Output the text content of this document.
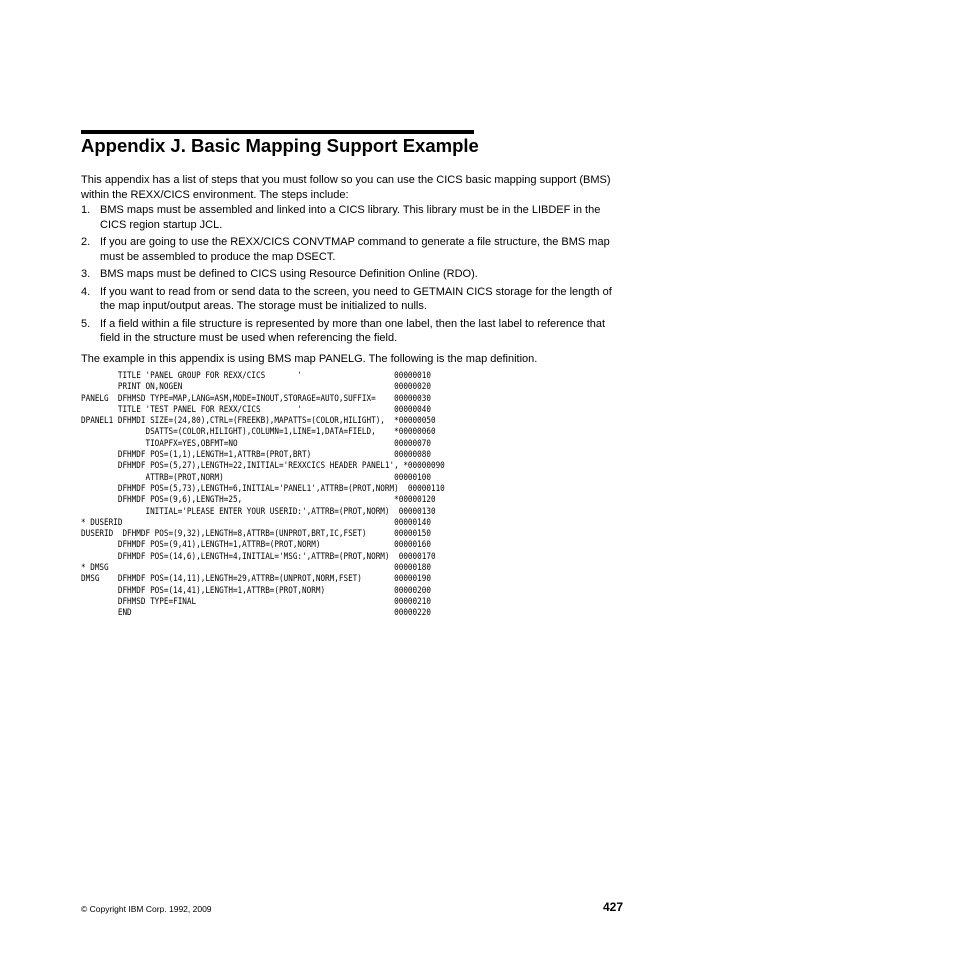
Appendix J. Basic Mapping Support Example

This appendix has a list of steps that you must follow so you can use the CICS basic mapping support (BMS) within the REXX/CICS environment. The steps include:

1. BMS maps must be assembled and linked into a CICS library. This library must be in the LIBDEF in the CICS region startup JCL.
2. If you are going to use the REXX/CICS CONVTMAP command to generate a file structure, the BMS map must be assembled to produce the map DSECT.
3. BMS maps must be defined to CICS using Resource Definition Online (RDO).
4. If you want to read from or send data to the screen, you need to GETMAIN CICS storage for the length of the map input/output areas. The storage must be initialized to nulls.
5. If a field within a file structure is represented by more than one label, then the last label to reference that field in the structure must be used when referencing the field.

The example in this appendix is using BMS map PANELG. The following is the map definition.

TITLE 'PANEL GROUP FOR REXX/CICS       '                    00000010
PRINT ON,NOGEN                                              00000020
PANELG  DFHMSD TYPE=MAP,LANG=ASM,MODE=INOUT,STORAGE=AUTO,SUFFIX=    00000030
TITLE 'TEST PANEL FOR REXX/CICS        '                    00000040
DPANEL1 DFHMDI SIZE=(24,80),CTRL=(FREEKB),MAPATTS=(COLOR,HILIGHT),  *00000050
DSATTS=(COLOR,HILIGHT),COLUMN=1,LINE=1,DATA=FIELD,    *00000060
TIOAPFX=YES,OBFMT=NO                                  00000070
DFHMDF POS=(1,1),LENGTH=1,ATTRB=(PROT,BRT)                  00000080
DFHMDF POS=(5,27),LENGTH=22,INITIAL='REXXCICS HEADER PANEL1', *00000090
ATTRB=(PROT,NORM)                                     00000100
DFHMDF POS=(5,73),LENGTH=6,INITIAL='PANEL1',ATTRB=(PROT,NORM)  00000110
DFHMDF POS=(9,6),LENGTH=25,                                 *00000120
INITIAL='PLEASE ENTER YOUR USERID:',ATTRB=(PROT,NORM)  00000130
* DUSERID                                                           00000140
DUSERID  DFHMDF POS=(9,32),LENGTH=8,ATTRB=(UNPROT,BRT,IC,FSET)      00000150
DFHMDF POS=(9,41),LENGTH=1,ATTRB=(PROT,NORM)                00000160
DFHMDF POS=(14,6),LENGTH=4,INITIAL='MSG:',ATTRB=(PROT,NORM)  00000170
* DMSG                                                              00000180
DMSG    DFHMDF POS=(14,11),LENGTH=29,ATTRB=(UNPROT,NORM,FSET)       00000190
DFHMDF POS=(14,41),LENGTH=1,ATTRB=(PROT,NORM)               00000200
DFHMSD TYPE=FINAL                                           00000210
END                                                         00000220
© Copyright IBM Corp. 1992, 2009	427
